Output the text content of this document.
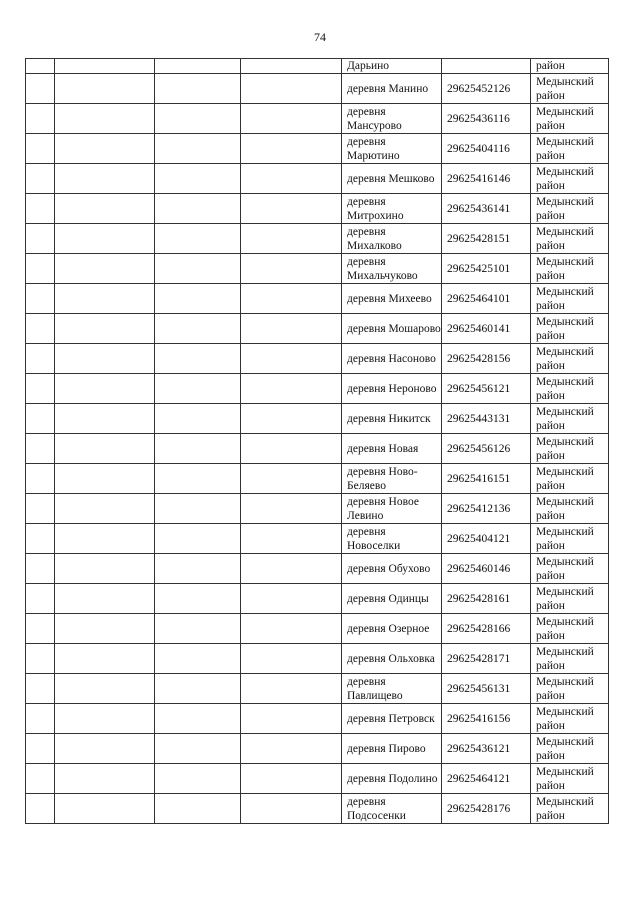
74
				Дарьино		район
				деревня Манино	29625452126	Медынский район
				деревня Мансурово	29625436116	Медынский район
				деревня Марютино	29625404116	Медынский район
				деревня Мешково	29625416146	Медынский район
				деревня Митрохино	29625436141	Медынский район
				деревня Михалково	29625428151	Медынский район
				деревня Михальчуково	29625425101	Медынский район
				деревня Михеево	29625464101	Медынский район
				деревня Мошарово	29625460141	Медынский район
				деревня Насоново	29625428156	Медынский район
				деревня Нероново	29625456121	Медынский район
				деревня Никитск	29625443131	Медынский район
				деревня Новая	29625456126	Медынский район
				деревня Ново-Беляево	29625416151	Медынский район
				деревня Новое Левино	29625412136	Медынский район
				деревня Новоселки	29625404121	Медынский район
				деревня Обухово	29625460146	Медынский район
				деревня Одинцы	29625428161	Медынский район
				деревня Озерное	29625428166	Медынский район
				деревня Ольховка	29625428171	Медынский район
				деревня Павлищево	29625456131	Медынский район
				деревня Петровск	29625416156	Медынский район
				деревня Пирово	29625436121	Медынский район
				деревня Подолино	29625464121	Медынский район
				деревня Подсосенки	29625428176	Медынский район
